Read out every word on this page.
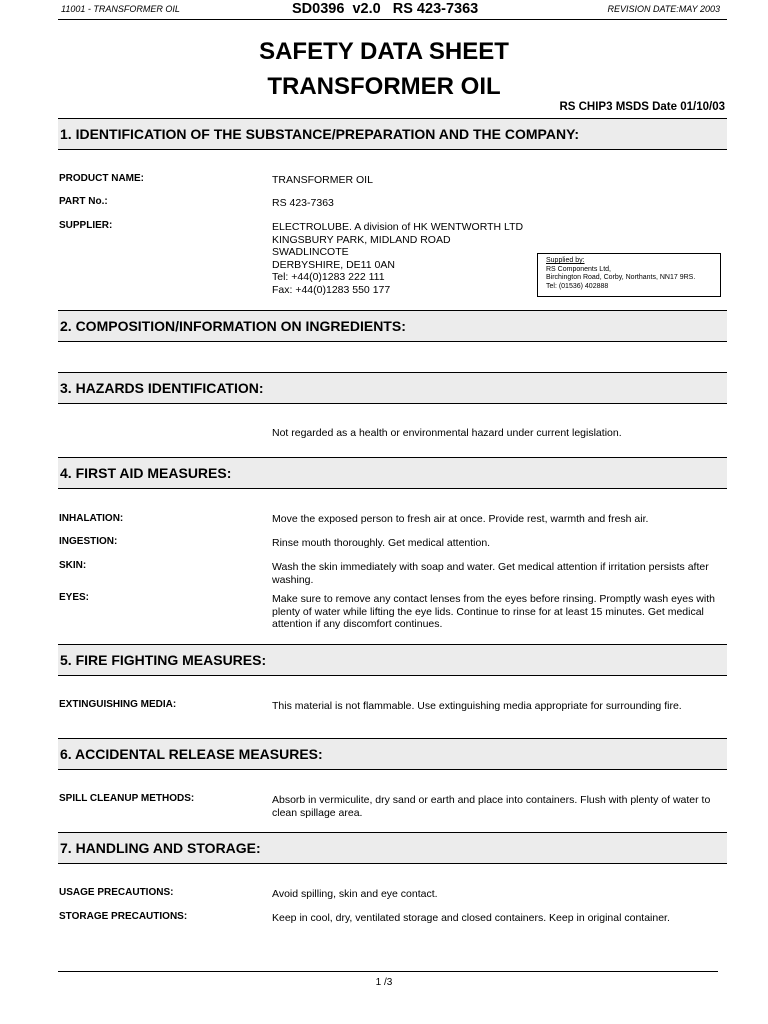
11001 - TRANSFORMER OIL	SD0396  v2.0   RS 423-7363	REVISION DATE:MAY 2003
SAFETY DATA SHEET
TRANSFORMER OIL
RS CHIP3 MSDS Date 01/10/03
1. IDENTIFICATION OF THE SUBSTANCE/PREPARATION AND THE COMPANY:
PRODUCT NAME:	TRANSFORMER OIL
PART No.:	RS 423-7363
SUPPLIER:	ELECTROLUBE. A division of HK WENTWORTH LTD
KINGSBURY PARK, MIDLAND ROAD
SWADLINCOTE
DERBYSHIRE, DE11 0AN
Tel: +44(0)1283 222 111
Fax: +44(0)1283 550 177
Supplied by:
RS Components Ltd,
Birchington Road, Corby, Northants, NN17 9RS.
Tel: (01536) 402888
2. COMPOSITION/INFORMATION ON INGREDIENTS:
3. HAZARDS IDENTIFICATION:
Not regarded as a health or environmental hazard under current legislation.
4. FIRST AID MEASURES:
INHALATION:	Move the exposed person to fresh air at once. Provide rest, warmth and fresh air.
INGESTION:	Rinse mouth thoroughly. Get medical attention.
SKIN:	Wash the skin immediately with soap and water. Get medical attention if irritation persists after washing.
EYES:	Make sure to remove any contact lenses from the eyes before rinsing. Promptly wash eyes with plenty of water while lifting the eye lids. Continue to rinse for at least 15 minutes. Get medical attention if any discomfort continues.
5. FIRE FIGHTING MEASURES:
EXTINGUISHING MEDIA:	This material is not flammable. Use extinguishing media appropriate for surrounding fire.
6. ACCIDENTAL RELEASE MEASURES:
SPILL CLEANUP METHODS:	Absorb in vermiculite, dry sand or earth and place into containers. Flush with plenty of water to clean spillage area.
7. HANDLING AND STORAGE:
USAGE PRECAUTIONS:	Avoid spilling, skin and eye contact.
STORAGE PRECAUTIONS:	Keep in cool, dry, ventilated storage and closed containers. Keep in original container.
1 /3
